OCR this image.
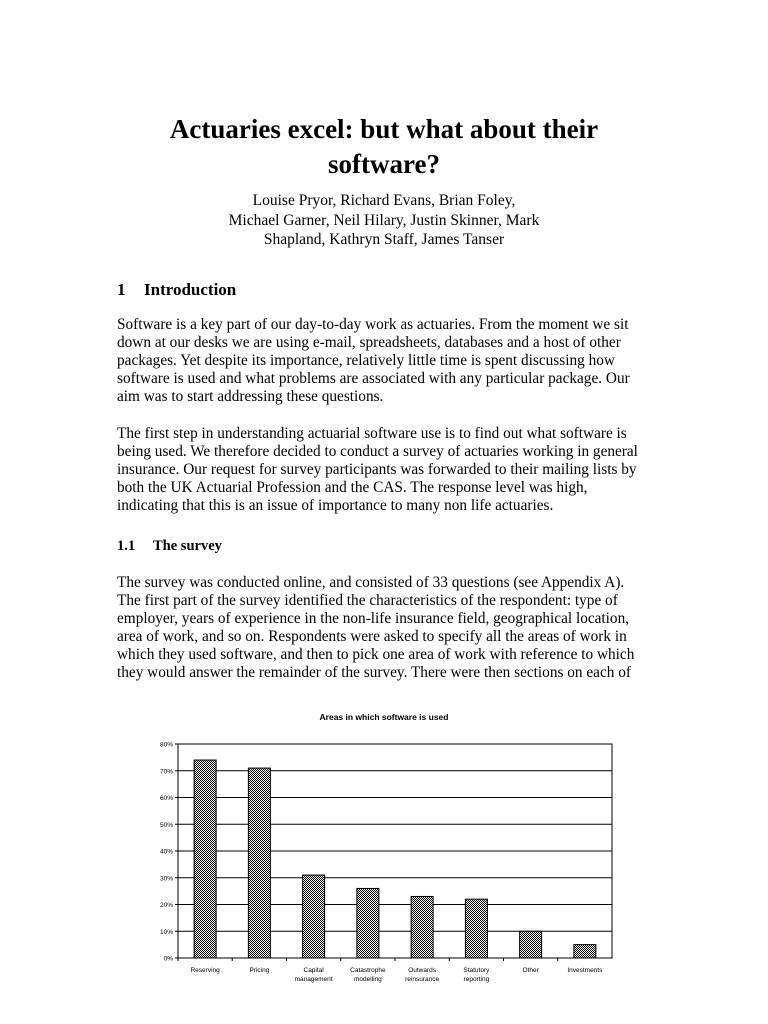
Actuaries excel: but what about their
software?
Louise Pryor, Richard Evans, Brian Foley,
Michael Garner, Neil Hilary, Justin Skinner, Mark
Shapland, Kathryn Staff, James Tanser
1 Introduction
Software is a key part of our day-to-day work as actuaries. From the moment we sit
down at our desks we are using e-mail, spreadsheets, databases and a host of other
packages. Yet despite its importance, relatively little time is spent discussing how
software is used and what problems are associated with any particular package. Our
aim was to start addressing these questions.
The first step in understanding actuarial software use is to find out what software is
being used. We therefore decided to conduct a survey of actuaries working in general
insurance. Our request for survey participants was forwarded to their mailing lists by
both the UK Actuarial Profession and the CAS. The response level was high,
indicating that this is an issue of importance to many non life actuaries.
1.1 The survey
The survey was conducted online, and consisted of 33 questions (see Appendix A).
The first part of the survey identified the characteristics of the respondent: type of
employer, years of experience in the non-life insurance field, geographical location,
area of work, and so on. Respondents were asked to specify all the areas of work in
which they used software, and then to pick one area of work with reference to which
they would answer the remainder of the survey. There were then sections on each of
Areas in which software is used
0%
10%
20%
30%
40%
50%
60%
70%
80%
Reserving	Pricing	Capital management
Catastrophe modelling
Outwards reinsurance
Statutory reporting
Other	Investments
